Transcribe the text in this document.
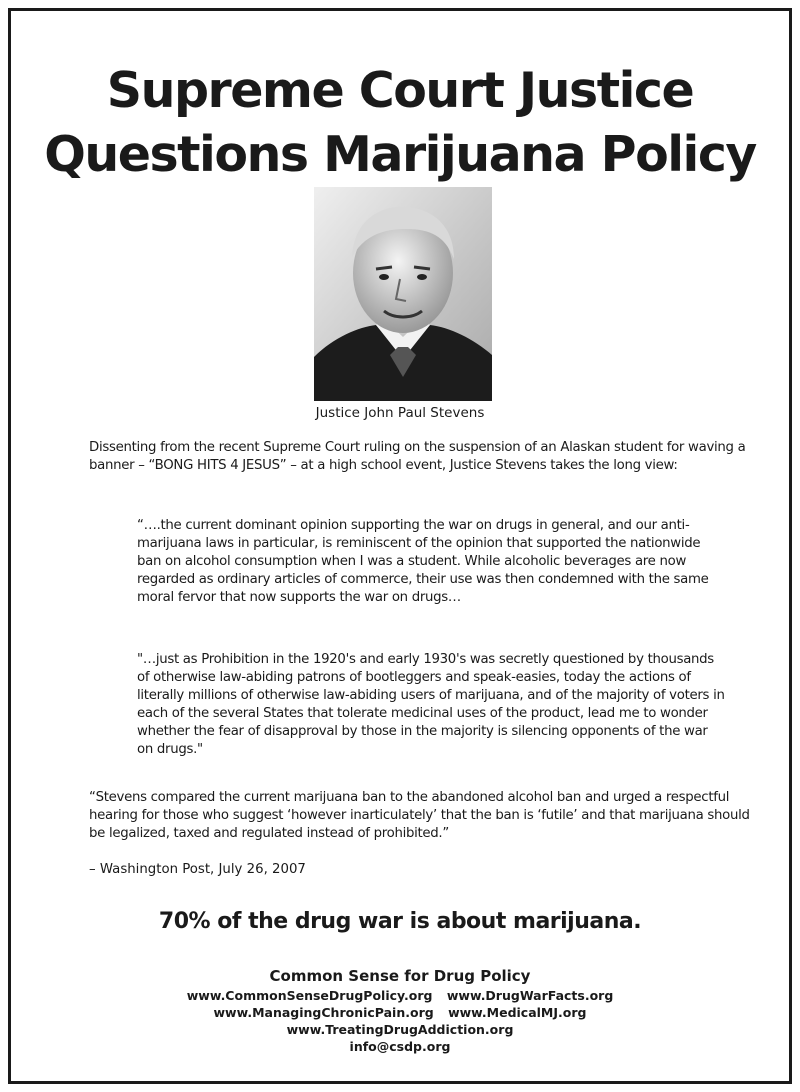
Supreme Court Justice
Questions Marijuana Policy
Justice John Paul Stevens

Dissenting from the recent Supreme Court ruling on the suspension of an Alaskan student for waving a banner – “BONG HITS 4 JESUS” – at a high school event, Justice Stevens takes the long view:

“….the current dominant opinion supporting the war on drugs in general, and our anti-marijuana laws in particular, is reminiscent of the opinion that supported the nationwide ban on alcohol consumption when I was a student. While alcoholic beverages are now regarded as ordinary articles of commerce, their use was then condemned with the same moral fervor that now supports the war on drugs…

"…just as Prohibition in the 1920's and early 1930's was secretly questioned by thousands of otherwise law-abiding patrons of bootleggers and speak-easies, today the actions of literally millions of otherwise law-abiding users of marijuana, and of the majority of voters in each of the several States that tolerate medicinal uses of the product, lead me to wonder whether the fear of disapproval by those in the majority is silencing opponents of the war on drugs."

“Stevens compared the current marijuana ban to the abandoned alcohol ban and urged a respectful hearing for those who suggest ‘however inarticulately’ that the ban is ‘futile’ and that marijuana should be legalized, taxed and regulated instead of prohibited.”

– Washington Post, July 26, 2007

70% of the drug war is about marijuana.

Common Sense for Drug Policy

www.CommonSenseDrugPolicy.org www.DrugWarFacts.org
www.ManagingChronicPain.org www.MedicalMJ.org
www.TreatingDrugAddiction.org
info@csdp.org
